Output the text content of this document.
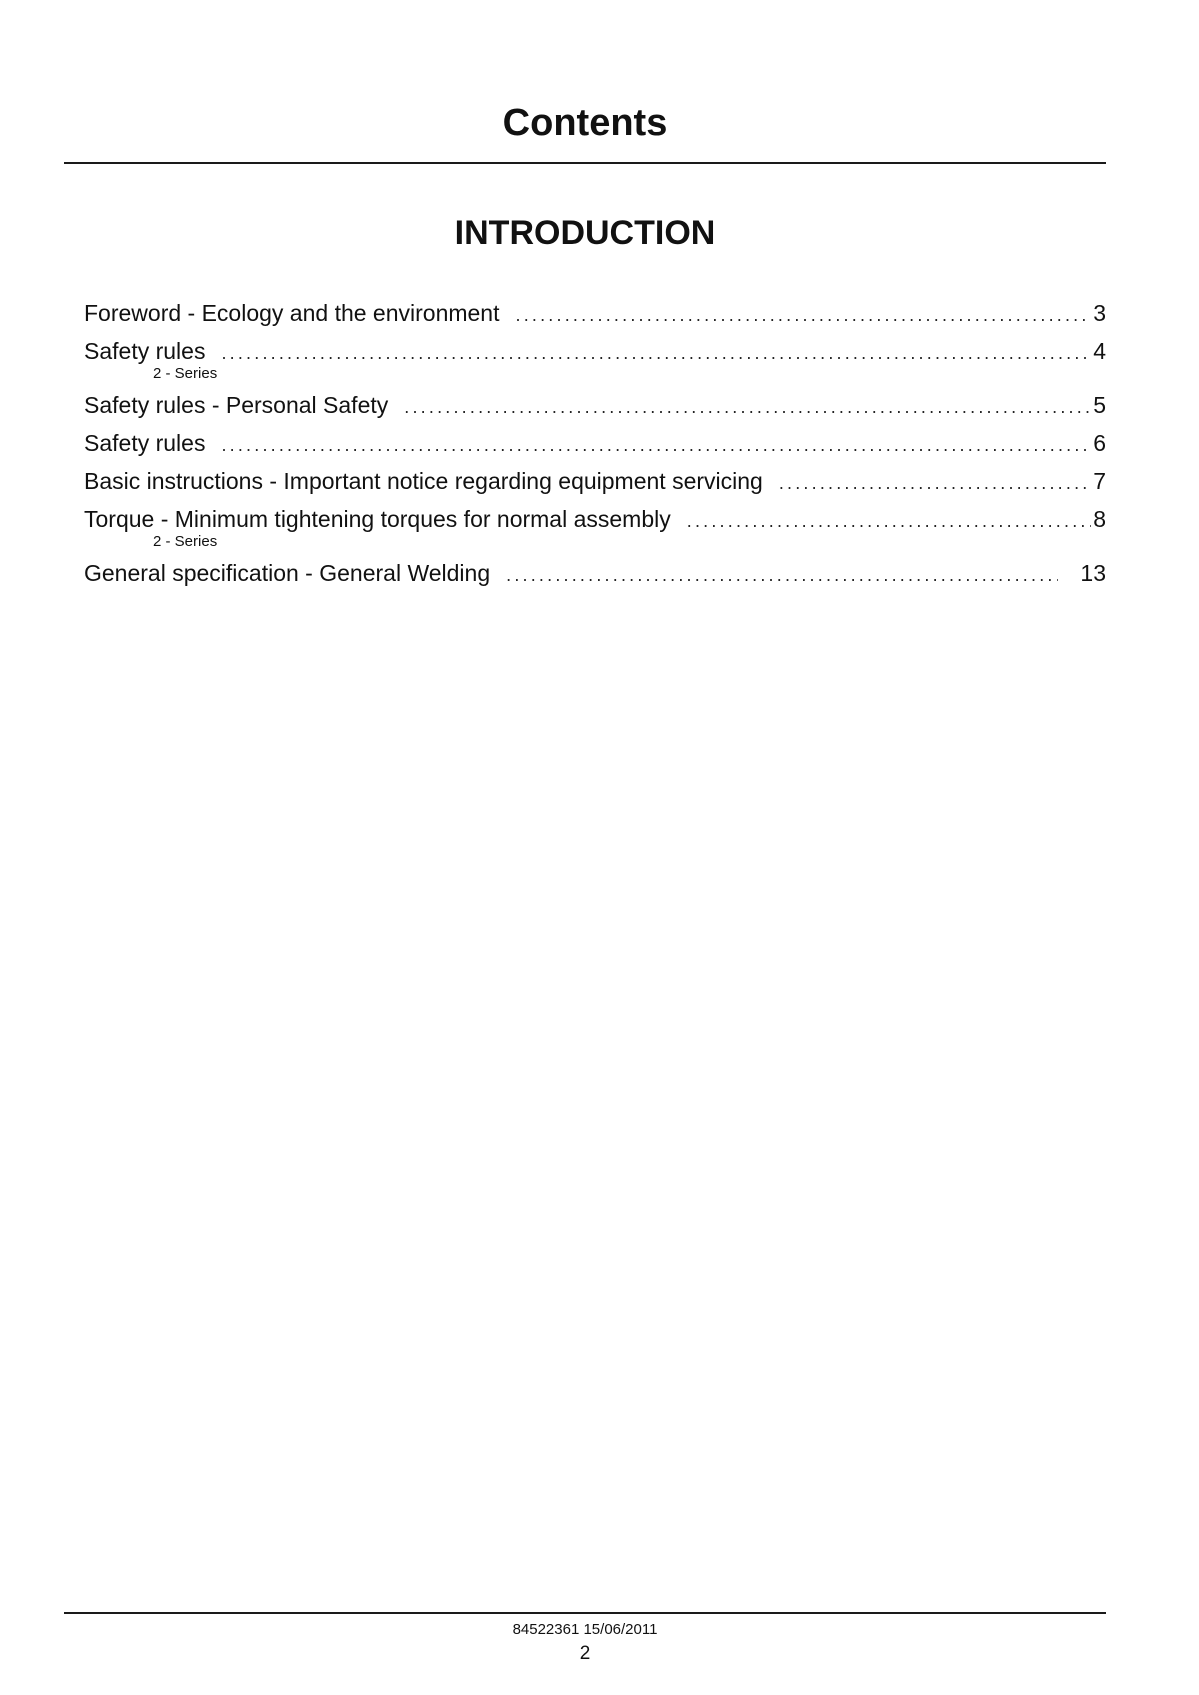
Contents
INTRODUCTION
Foreword - Ecology and the environment .....	3
Safety rules .....	4
2 - Series
Safety rules - Personal Safety .....	5
Safety rules .....	6
Basic instructions - Important notice regarding equipment servicing .....	7
Torque - Minimum tightening torques for normal assembly .....	8
2 - Series
General specification - General Welding .....	13
84522361 15/06/2011
2
